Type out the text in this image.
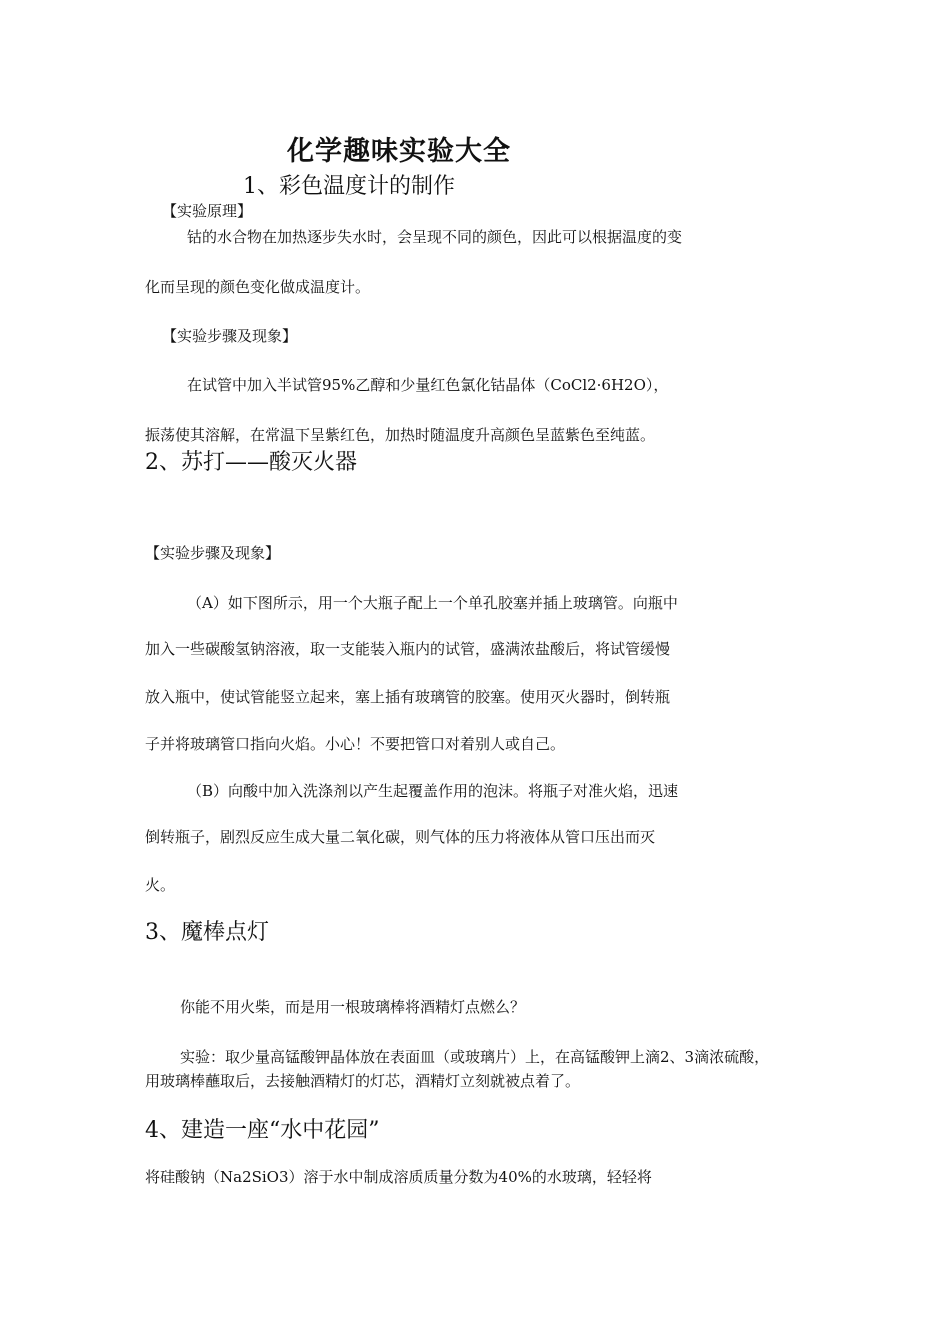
化学趣味实验大全
1、彩色温度计的制作

【实验原理】

钴的水合物在加热逐步失水时，会呈现不同的颜色，因此可以根据温度的变

化而呈现的颜色变化做成温度计。

【实验步骤及现象】

在试管中加入半试管95%乙醇和少量红色氯化钴晶体（CoCl2·6H2O），

振荡使其溶解，在常温下呈紫红色，加热时随温度升高颜色呈蓝紫色至纯蓝。

2、苏打——酸灭火器

【实验步骤及现象】

（A）如下图所示，用一个大瓶子配上一个单孔胶塞并插上玻璃管。向瓶中

加入一些碳酸氢钠溶液，取一支能装入瓶内的试管，盛满浓盐酸后，将试管缓慢

放入瓶中，使试管能竖立起来，塞上插有玻璃管的胶塞。使用灭火器时，倒转瓶

子并将玻璃管口指向火焰。小心！不要把管口对着别人或自己。

（B）向酸中加入洗涤剂以产生起覆盖作用的泡沫。将瓶子对准火焰，迅速

倒转瓶子，剧烈反应生成大量二氧化碳，则气体的压力将液体从管口压出而灭

火。

3、魔棒点灯

你能不用火柴，而是用一根玻璃棒将酒精灯点燃么？

实验：取少量高锰酸钾晶体放在表面皿（或玻璃片）上，在高锰酸钾上滴2、3滴浓硫酸，

用玻璃棒蘸取后，去接触酒精灯的灯芯，酒精灯立刻就被点着了。

4、建造一座“水中花园”

将硅酸钠（Na2SiO3）溶于水中制成溶质质量分数为40%的水玻璃，轻轻将
